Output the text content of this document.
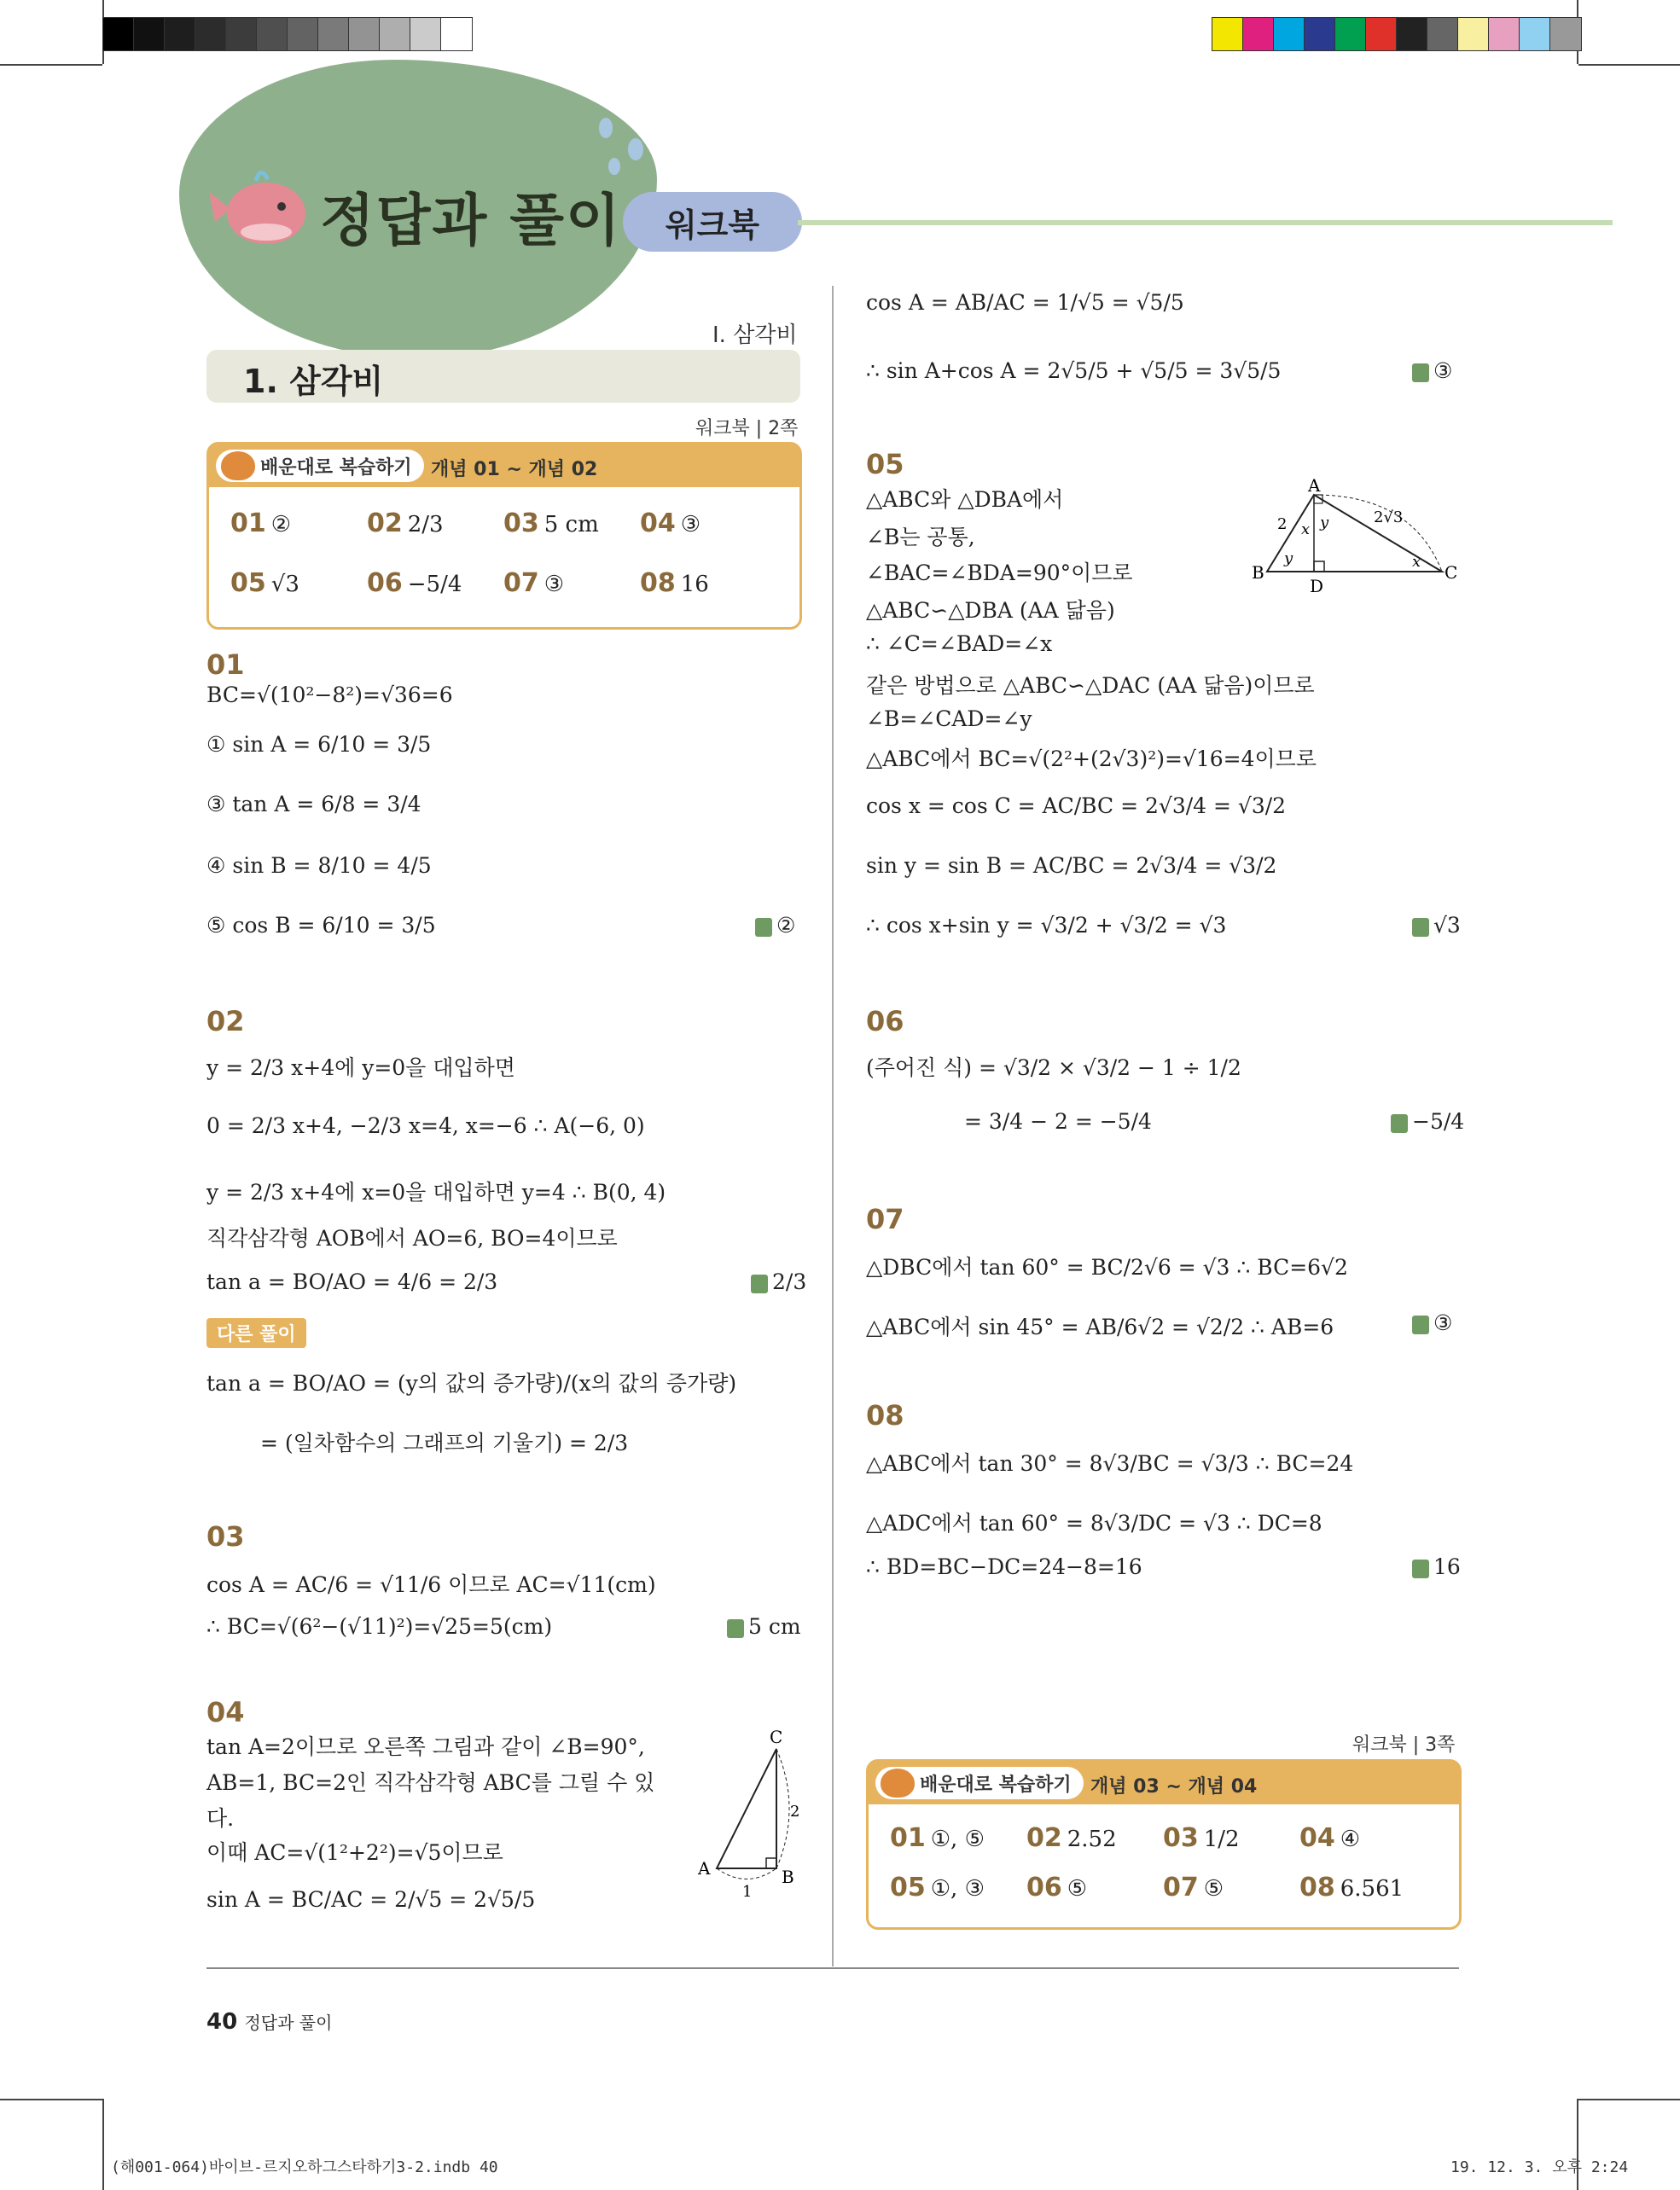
정답과 풀이	워크북
Ⅰ. 삼각비
1. 삼각비
워크북 | 2쪽
배운대로 복습하기 개념 01 ~ 개념 02
01 ②	02 2/3 03 5 cm 04 ③
05 √3	06 −5/4 07 ③	08 16
01
BC=√(10²−8²)=√36=6
① sin A = 6/10 = 3/5
③ tan A = 6/8 = 3/4
④ sin B = 8/10 = 4/5
⑤ cos B = 6/10 = 3/5	②
02
y = 2/3 x+4에 y=0을 대입하면
0 = 2/3 x+4, −2/3 x=4, x=−6 ∴ A(−6, 0)
y = 2/3 x+4에 x=0을 대입하면 y=4 ∴ B(0, 4)
직각삼각형 AOB에서 AO=6, BO=4이므로
tan a = BO/AO = 4/6 = 2/3	2/3
다른 풀이
tan a = BO/AO = (y의 값의 증가량)/(x의 값의 증가량)
= (일차함수의 그래프의 기울기) = 2/3
03
cos A = AC/6 = √11/6 이므로 AC=√11(cm)
∴ BC=√(6²−(√11)²)=√25=5(cm)	5 cm
04
tan A=2이므로 오른쪽 그림과 같이 ∠B=90°,
AB=1, BC=2인 직각삼각형 ABC를 그릴 수 있
다.
이때 AC=√(1²+2²)=√5이므로
sin A = BC/AC = 2/√5 = 2√5/5
C
A	B
1
2
cos A = AB/AC = 1/√5 = √5/5
∴ sin A+cos A = 2√5/5 + √5/5 = 3√5/5	③
05
△ABC와 △DBA에서
∠B는 공통,
∠BAC=∠BDA=90°이므로
△ABC∽△DBA (AA 닮음)
∴ ∠C=∠BAD=∠x
같은 방법으로 △ABC∽△DAC (AA 닮음)이므로
∠B=∠CAD=∠y
△ABC에서 BC=√(2²+(2√3)²)=√16=4이므로
cos x = cos C = AC/BC = 2√3/4 = √3/2
sin y = sin B = AC/BC = 2√3/4 = √3/2
∴ cos x+sin y = √3/2 + √3/2 = √3	√3
A
B	C
D
x y
y	x
2	2√3
06
(주어진 식) = √3/2 × √3/2 − 1 ÷ 1/2
= 3/4 − 2 = −5/4	−5/4
07
△DBC에서 tan 60° = BC/2√6 = √3 ∴ BC=6√2
△ABC에서 sin 45° = AB/6√2 = √2/2 ∴ AB=6	③
08
△ABC에서 tan 30° = 8√3/BC = √3/3 ∴ BC=24
△ADC에서 tan 60° = 8√3/DC = √3 ∴ DC=8
∴ BD=BC−DC=24−8=16	16
워크북 | 3쪽
배운대로 복습하기 개념 03 ~ 개념 04
01 ①, ⑤ 02 2.52 03 1/2 04 ④
05 ①, ③ 06 ⑤	07 ⑤	08 6.561
40 정답과 풀이
(해001-064)바이브-르지오하그스타하기3-2.indb 40	19. 12. 3. 오후 2:24
